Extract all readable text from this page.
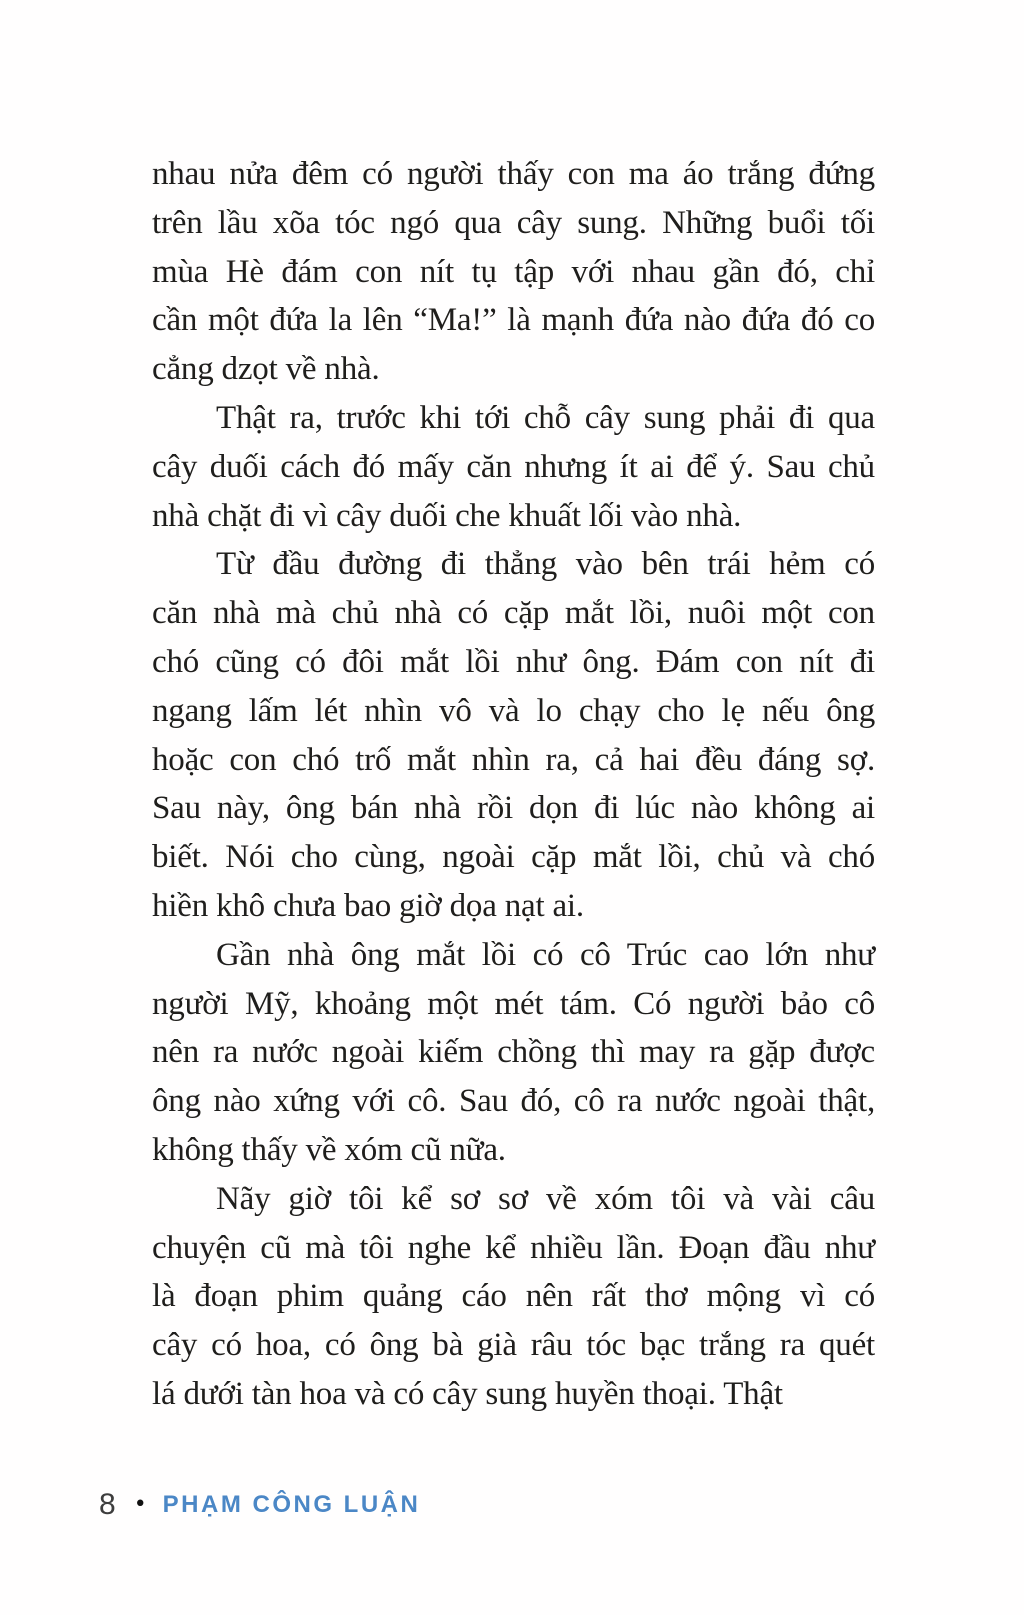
nhau nửa đêm có người thấy con ma áo trắng đứng
trên lầu xõa tóc ngó qua cây sung. Những buổi tối
mùa Hè đám con nít tụ tập với nhau gần đó, chỉ
cần một đứa la lên “Ma!” là mạnh đứa nào đứa đó co
cẳng dzọt về nhà.
Thật ra, trước khi tới chỗ cây sung phải đi qua
cây duối cách đó mấy căn nhưng ít ai để ý. Sau chủ
nhà chặt đi vì cây duối che khuất lối vào nhà.
Từ đầu đường đi thẳng vào bên trái hẻm có
căn nhà mà chủ nhà có cặp mắt lồi, nuôi một con
chó cũng có đôi mắt lồi như ông. Đám con nít đi
ngang lấm lét nhìn vô và lo chạy cho lẹ nếu ông
hoặc con chó trố mắt nhìn ra, cả hai đều đáng sợ.
Sau này, ông bán nhà rồi dọn đi lúc nào không ai
biết. Nói cho cùng, ngoài cặp mắt lồi, chủ và chó
hiền khô chưa bao giờ dọa nạt ai.
Gần nhà ông mắt lồi có cô Trúc cao lớn như
người Mỹ, khoảng một mét tám. Có người bảo cô
nên ra nước ngoài kiếm chồng thì may ra gặp được
ông nào xứng với cô. Sau đó, cô ra nước ngoài thật,
không thấy về xóm cũ nữa.
Nãy giờ tôi kể sơ sơ về xóm tôi và vài câu
chuyện cũ mà tôi nghe kể nhiều lần. Đoạn đầu như
là đoạn phim quảng cáo nên rất thơ mộng vì có
cây có hoa, có ông bà già râu tóc bạc trắng ra quét
lá dưới tàn hoa và có cây sung huyền thoại. Thật
8 • PHẠM CÔNG LUẬN
